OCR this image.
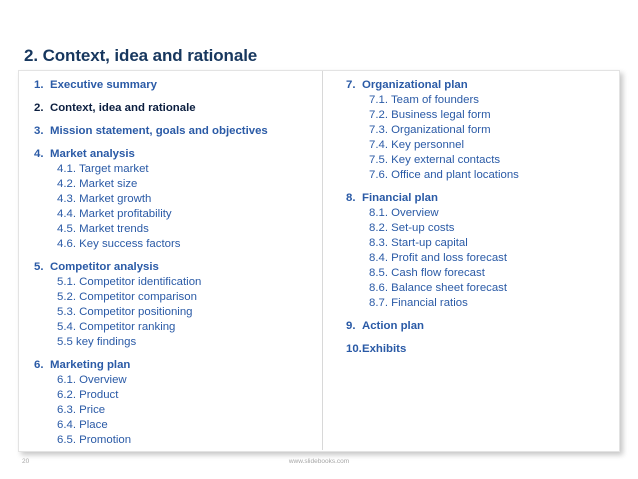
2. Context, idea and rationale
1. Executive summary
2. Context, idea and rationale
3. Mission statement, goals and objectives
4. Market analysis
4.1. Target market
4.2. Market size
4.3. Market growth
4.4. Market profitability
4.5. Market trends
4.6. Key success factors
5. Competitor analysis
5.1. Competitor identification
5.2. Competitor comparison
5.3. Competitor positioning
5.4. Competitor ranking
5.5 key findings
6. Marketing plan
6.1. Overview
6.2. Product
6.3. Price
6.4. Place
6.5. Promotion
7. Organizational plan
7.1. Team of founders
7.2. Business legal form
7.3. Organizational form
7.4. Key personnel
7.5. Key external contacts
7.6. Office and plant locations
8. Financial plan
8.1. Overview
8.2. Set-up costs
8.3. Start-up capital
8.4. Profit and loss forecast
8.5. Cash flow forecast
8.6. Balance sheet forecast
8.7. Financial ratios
9. Action plan
10.Exhibits
20	www.slidebooks.com
